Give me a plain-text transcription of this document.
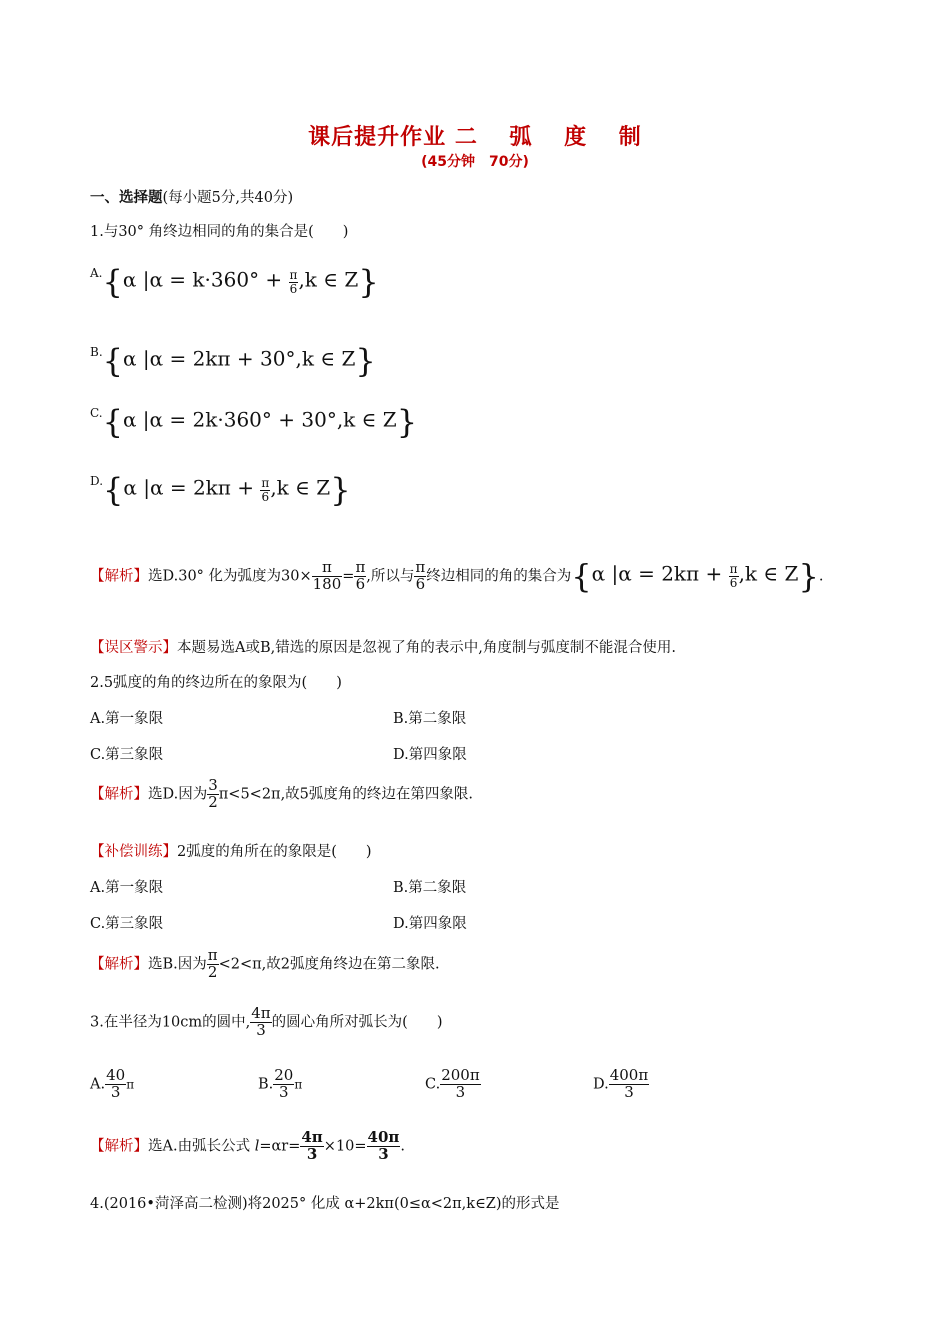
课后提升作业 二　 弧　 度　 制
(45分钟　70分)
一、选择题(每小题5分,共40分)
1.与30° 角终边相同的角的集合是(　　)
$^{A.}${α $|\alpha = k\cdot 360^\circ + \frac{\pi}{6} ,k$ ∈ Z}
$^{B.}${α |α = 2kπ + 30°,k ∈ Z}
$^{C.}${α |α = 2k·360° + 30°,k ∈ Z}
$^{D.}${α $|\alpha = 2k\pi + \frac{\pi}{6} ,k$ ∈ Z}
【解析】选D.30° 化为弧度为$30\times \frac{\pi}{180} = \frac{\pi}{6}$ ,所以与 $\frac{\pi}{6}$ 终边相同的角的集合为{α $|\alpha = 2k\pi + \frac{\pi}{6} ,k$ ∈ Z}.
【误区警示】本题易选A或B,错选的原因是忽视了角的表示中,角度制与弧度制不能混合使用.
2.5弧度的角的终边所在的象限为(　　)
A.第一象限	B.第二象限
C.第三象限	D.第四象限
【解析】选D.因为 $\frac{3}{2} \pi<5<2\pi$,故5弧度角的终边在第四象限.
【补偿训练】2弧度的角所在的象限是(　　)
A.第一象限	B.第二象限
C.第三象限	D.第四象限
【解析】选B.因为 $\frac{\pi}{2} <2<\pi$,故2弧度角终边在第二象限.
3.在半径为10cm的圆中, $\frac{4\pi}{3}$ 的圆心角所对弧长为(　　)
A. $\frac{40}{3}$ π	B. $\frac{20}{3}$ π	C. $\frac{200\pi}{3}$	D. $\frac{400\pi}{3}$
【解析】选A.由弧长公式 $l=\alpha r= \frac{4\pi}{3} \times 10= \frac{40\pi}{3}$ .
4.(2016•菏泽高二检测)将2025° 化成 α+2kπ(0≤α<2π,k∈Z)的形式是
